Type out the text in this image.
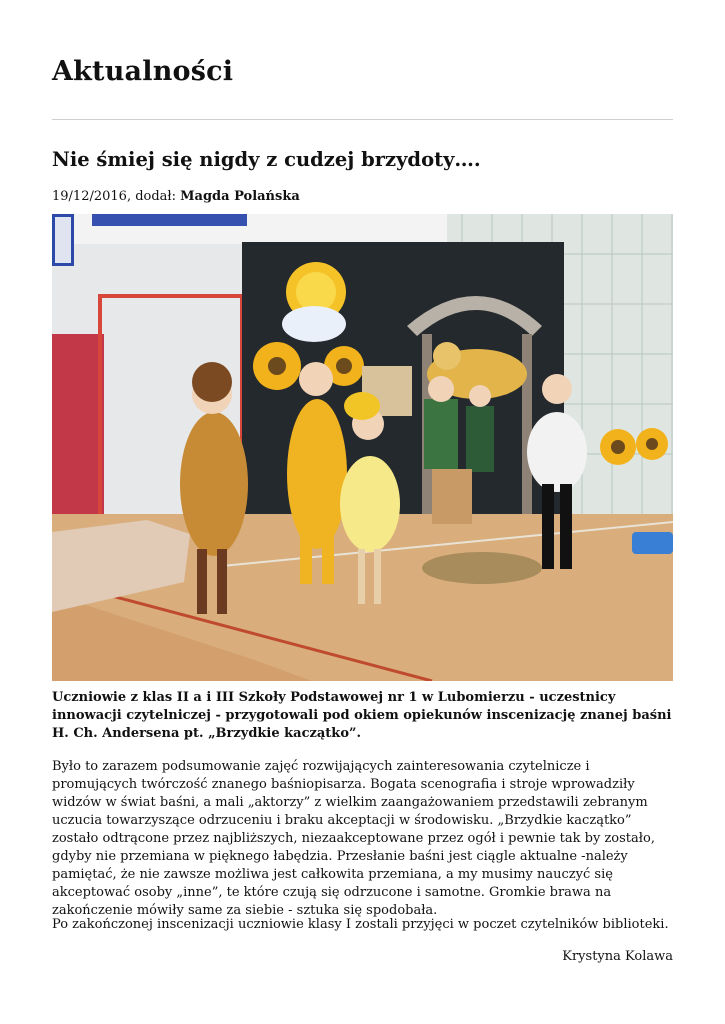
Aktualności
Nie śmiej się nigdy z cudzej brzydoty….
19/12/2016, dodał: Magda Polańska

Uczniowie z klas II a i III Szkoły Podstawowej nr 1 w Lubomierzu - uczestnicy innowacji czytelniczej - przygotowali pod okiem opiekunów inscenizację znanej baśni H. Ch. Andersena pt. „Brzydkie kaczątko”.

Było to zarazem podsumowanie zajęć rozwijających zainteresowania czytelnicze i promujących twórczość znanego baśniopisarza. Bogata scenografia i stroje wprowadziły widzów w świat baśni, a mali „aktorzy” z wielkim zaangażowaniem przedstawili zebranym uczucia towarzyszące odrzuceniu i braku akceptacji w środowisku. „Brzydkie kaczątko” zostało odtrącone przez najbliższych, niezaakceptowane przez ogół i pewnie tak by zostało, gdyby nie przemiana w pięknego łabędzia. Przesłanie baśni jest ciągle aktualne -należy pamiętać, że nie zawsze możliwa jest całkowita przemiana, a my musimy nauczyć się akceptować osoby „inne”, te które czują się odrzucone i samotne. Gromkie brawa na zakończenie mówiły same za siebie - sztuka się spodobała.

Po zakończonej inscenizacji uczniowie klasy I zostali przyjęci w poczet czytelników biblioteki.

Krystyna Kolawa
